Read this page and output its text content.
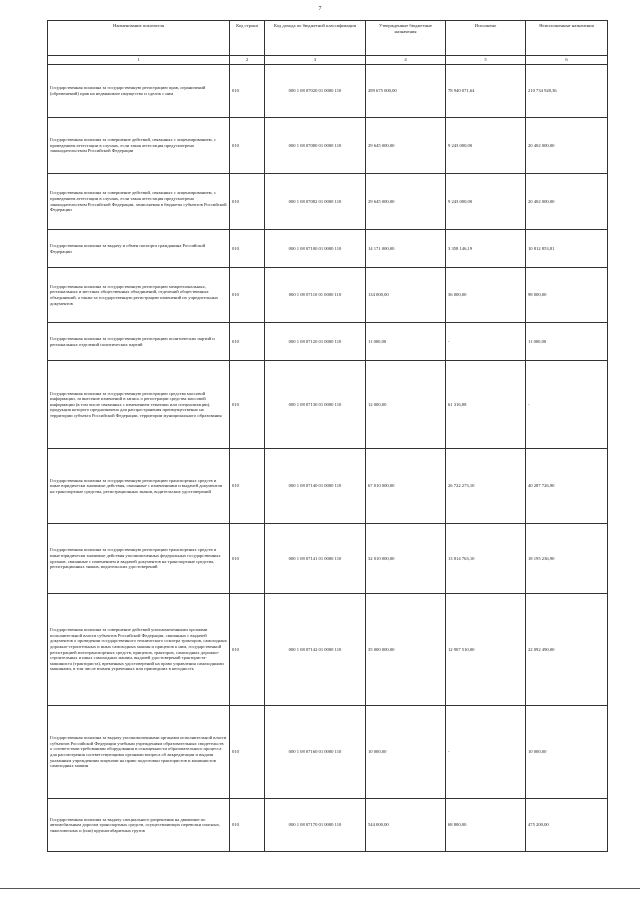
7
Наименование показателя	Код строки	Код дохода по бюджетной классификации	Утвержденные бюджетные назначения	Исполнено	Неисполненные назначения
1	2	3	4	5	6
Государственная пошлина за государственную регистрацию прав, ограничений (обременений) прав на недвижимое имущество и сделок с ним	010	000 1 08 07020 01 0000 110	289 675 000,00	78 940 071,64	210 734 928,36
Государственная пошлина за совершение действий, связанных с лицензированием, с проведением аттестации в случаях, если такая аттестация предусмотрена законодательством Российской Федерации	010	000 1 08 07080 01 0000 110	29 645 000,00	9 243 000,00	20 402 000,00
Государственная пошлина за совершение действий, связанных с лицензированием, с проведением аттестации в случаях, если такая аттестация предусмотрена законодательством Российской Федерации, зачисляемая в бюджеты субъектов Российской Федерации	010	000 1 08 07082 01 0000 110	29 645 000,00	9 243 000,00	20 402 000,00
Государственная пошлина за выдачу и обмен паспорта гражданина Российской Федерации	010	000 1 08 07100 01 0000 110	14 171 000,00	3 358 146,19	10 812 853,81
Государственная пошлина за государственную регистрацию межрегиональных, региональных и местных общественных объединений, отделений общественных объединений, а также за государственную регистрацию изменений их учредительных документов	010	000 1 08 07110 01 0000 110	134 000,00	36 000,00	98 000,00
Государственная пошлина за государственную регистрацию политических партий и региональных отделений политических партий	010	000 1 08 07120 01 0000 110	11 000,00	-	11 000,00
Государственная пошлина за государственную регистрацию средства массовой информации, за внесение изменений в запись о регистрации средства массовой информации (в том числе связанных с изменением тематики или специализации), продукция которого предназначена для распространения преимущественно на территории субъекта Российской Федерации, территории муниципального образования	010	000 1 08 07130 01 0000 110	12 000,00	61 316,88	-
Государственная пошлина за государственную регистрацию транспортных средств и иные юридически значимые действия, связанные с изменениями и выдачей документов на транспортные средства, регистрационных знаков, водительских удостоверений	010	000 1 08 07140 01 0000 110	67 010 000,00	26 722 273,10	40 287 726,90
Государственная пошлина за государственную регистрацию транспортных средств и иные юридически значимые действия уполномоченных федеральных государственных органов, связанные с изменением и выдачей документов на транспортные средства, регистрационных знаков, водительских удостоверений	010	000 1 08 07141 01 0000 110	32 010 000,00	13 814 763,10	18 195 236,90
Государственная пошлина за совершение действий уполномоченными органами исполнительной власти субъектов Российской Федерации, связанных с выдачей документов о проведении государственного технического осмотра тракторов, самоходных дорожно-строительных и иных самоходных машин и прицепов к ним, государственной регистрацией мототранспортных средств, прицепов, тракторов, самоходных дорожно-строительных и иных самоходных машин, выдачей удостоверений тракториста-машиниста (тракториста), временных удостоверений на право управления самоходными машинами, в том числе взамен утраченных или пришедших в негодность	010	000 1 08 07142 01 0000 110	35 000 000,00	12 907 510,00	22 092 490,00
Государственная пошлина за выдачу уполномоченными органами исполнительной власти субъектов Российской Федерации учебным учреждениям образовательных свидетельств о соответствии требованиям оборудования и оснащенности образовательного процесса для рассмотрения соответствующими органами вопроса об аккредитации и выдачи указанным учреждениям лицензии на право подготовки трактористов и машинистов самоходных машин	010	000 1 08 07160 01 0000 110	10 000,00	-	10 000,00
Государственная пошлина за выдачу специального разрешения на движение по автомобильным дорогам транспортных средств, осуществляющих перевозки опасных, тяжеловесных и (или) крупногабаритных грузов	010	000 1 08 07170 01 0000 110	544 000,00	68 800,00	475 200,00
